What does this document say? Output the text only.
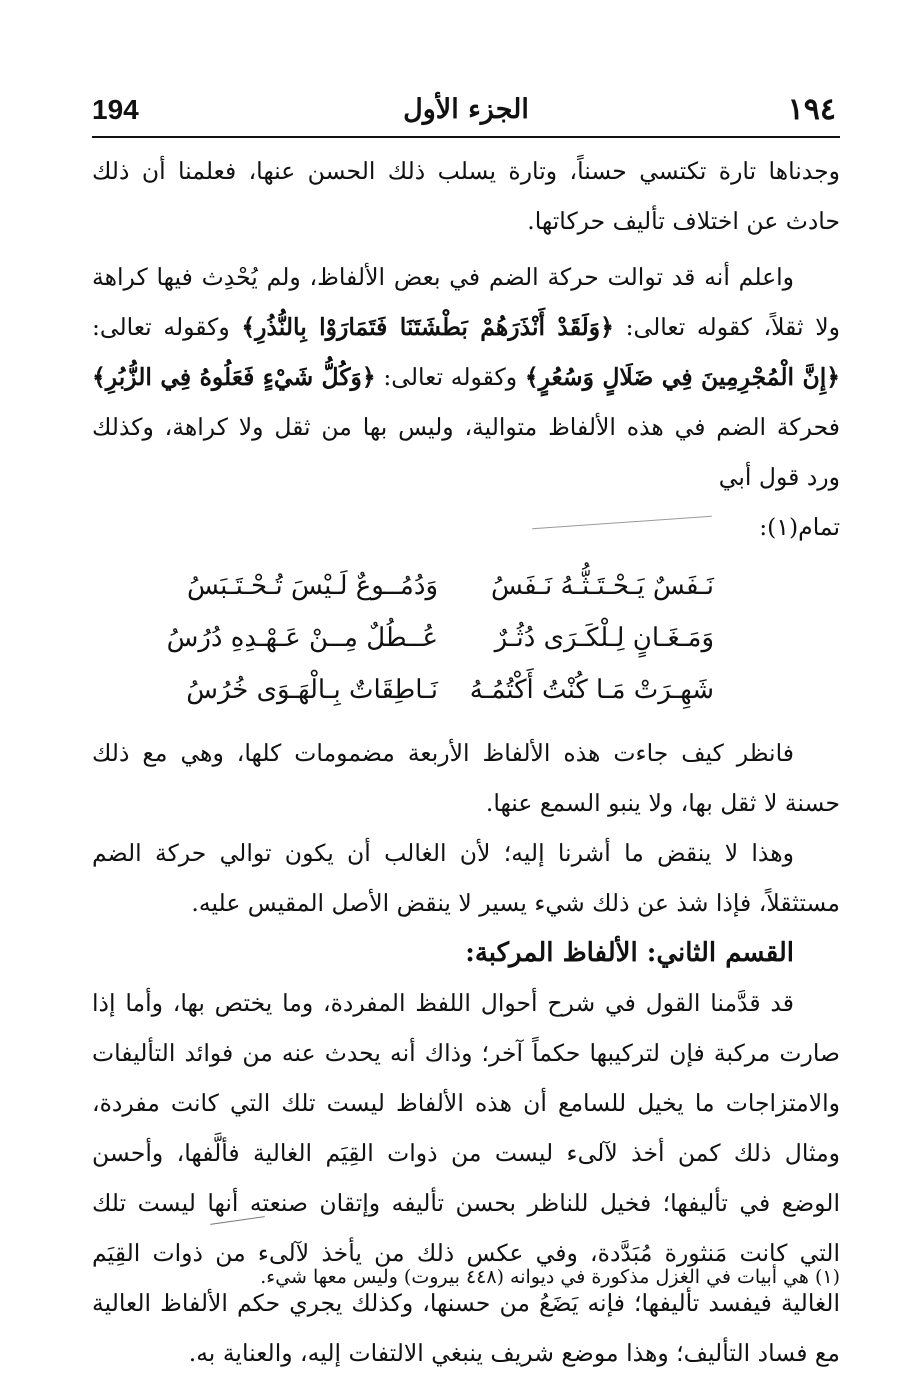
١٩٤
الجزء الأول
194

وجدناها تارة تكتسي حسناً، وتارة يسلب ذلك الحسن عنها، فعلمنا أن ذلك حادث عن اختلاف تأليف حركاتها.

واعلم أنه قد توالت حركة الضم في بعض الألفاظ، ولم يُحْدِث فيها كراهة ولا ثقلاً، كقوله تعالى: ﴿وَلَقَدْ أَنْذَرَهُمْ بَطْشَتَنَا فَتَمَارَوْا بِالنُّذُرِ﴾ وكقوله تعالى: ﴿إِنَّ الْمُجْرِمِينَ فِي ضَلَالٍ وَسُعُرٍ﴾ وكقوله تعالى: ﴿وَكُلُّ شَيْءٍ فَعَلُوهُ فِي الزُّبُرِ﴾ فحركة الضم في هذه الألفاظ متوالية، وليس بها من ثقل ولا كراهة، وكذلك ورد قول أبي

تمام(١):
نَـفَسٌ يَـحْـتَـثُّـهُ نَـفَسُ
وَدُمُــوعٌ لَـيْسَ تُـحْـتَـبَسُ
وَمَـغَـانٍ لِـلْكَـرَى دُثُـرٌ
عُــطُلٌ مِــنْ عَـهْـدِهِ دُرُسُ
شَهِـرَتْ مَـا كُنْتُ أَكْتُمُـهُ
نَـاطِقَاتٌ بِـالْهَـوَى خُرُسُ

فانظر كيف جاءت هذه الألفاظ الأربعة مضمومات كلها، وهي مع ذلك حسنة لا ثقل بها، ولا ينبو السمع عنها.

وهذا لا ينقض ما أشرنا إليه؛ لأن الغالب أن يكون توالي حركة الضم مستثقلاً، فإذا شذ عن ذلك شيء يسير لا ينقض الأصل المقيس عليه.

القسم الثاني: الألفاظ المركبة:

قد قدَّمنا القول في شرح أحوال اللفظ المفردة، وما يختص بها، وأما إذا صارت مركبة فإن لتركيبها حكماً آخر؛ وذاك أنه يحدث عنه من فوائد التأليفات والامتزاجات ما يخيل للسامع أن هذه الألفاظ ليست تلك التي كانت مفردة، ومثال ذلك كمن أخذ لآلىء ليست من ذوات القِيَم الغالية فألَّفها، وأحسن الوضع في تأليفها؛ فخيل للناظر بحسن تأليفه وإتقان صنعته أنها ليست تلك التي كانت مَنثورة مُبَدَّدة، وفي عكس ذلك من يأخذ لآلىء من ذوات القِيَم الغالية فيفسد تأليفها؛ فإنه يَضَعُ من حسنها، وكذلك يجري حكم الألفاظ العالية مع فساد التأليف؛ وهذا موضع شريف ينبغي الالتفات إليه، والعناية به.

(١) هي أبيات في الغزل مذكورة في ديوانه (٤٤٨ بيروت) وليس معها شيء.
